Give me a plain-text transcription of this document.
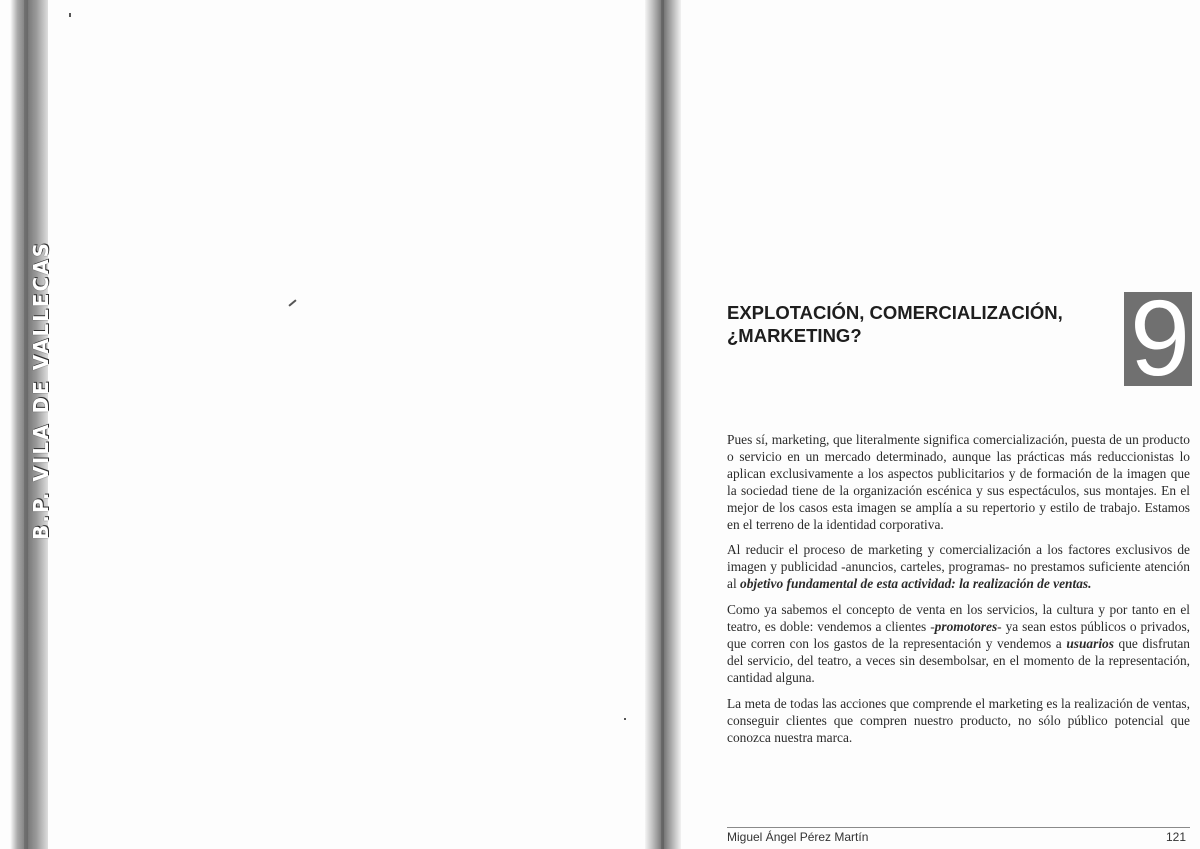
B.P. VILA DE VALLECAS	EXPLOTACIÓN, COMERCIALIZACIÓN,
¿MARKETING?	9

Pues sí, marketing, que literalmente significa comercialización, puesta de un producto o servicio en un mercado determinado, aunque las prácticas más reduccionistas lo aplican exclusivamente a los aspectos publicitarios y de formación de la imagen que la sociedad tiene de la organización escénica y sus espectáculos, sus montajes. En el mejor de los casos esta imagen se amplía a su repertorio y estilo de trabajo. Estamos en el terreno de la identidad corporativa.

Al reducir el proceso de marketing y comercialización a los factores exclusivos de imagen y publicidad -anuncios, carteles, programas- no prestamos suficiente atención al objetivo fundamental de esta actividad: la realización de ventas.

Como ya sabemos el concepto de venta en los servicios, la cultura y por tanto en el teatro, es doble: vendemos a clientes -promotores- ya sean estos públicos o privados, que corren con los gastos de la representación y vendemos a usuarios que disfrutan del servicio, del teatro, a veces sin desembolsar, en el momento de la representación, cantidad alguna.

La meta de todas las acciones que comprende el marketing es la realización de ventas, conseguir clientes que compren nuestro producto, no sólo público potencial que conozca nuestra marca.

Miguel Ángel Pérez Martín	121
